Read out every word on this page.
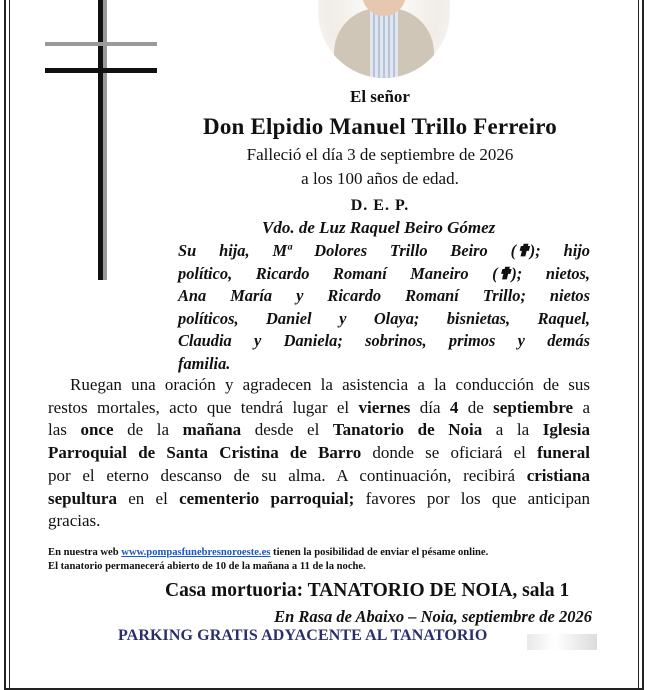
El señor
Don Elpidio Manuel Trillo Ferreiro
Falleció el día 3 de septiembre de 2026
a los 100 años de edad.
D. E. P.
Vdo. de Luz Raquel Beiro Gómez
Su hija, Mª Dolores Trillo Beiro (✟); hijo
político, Ricardo Romaní Maneiro (✟); nietos,
Ana María y Ricardo Romaní Trillo; nietos
políticos, Daniel y Olaya; bisnietas, Raquel,
Claudia y Daniela; sobrinos, primos y demás
familia.
Ruegan una oración y agradecen la asistencia a la conducción de sus
restos mortales, acto que tendrá lugar el viernes día 4 de septiembre a
las once de la mañana desde el Tanatorio de Noia a la Iglesia
Parroquial de Santa Cristina de Barro donde se oficiará el funeral
por el eterno descanso de su alma. A continuación, recibirá cristiana
sepultura en el cementerio parroquial; favores por los que anticipan
gracias.
En nuestra web www.pompasfunebresnoroeste.es tienen la posibilidad de enviar el pésame online.
El tanatorio permanecerá abierto de 10 de la mañana a 11 de la noche.
Casa mortuoria: TANATORIO DE NOIA, sala 1
En Rasa de Abaixo – Noia, septiembre de 2026
PARKING GRATIS ADYACENTE AL TANATORIO
